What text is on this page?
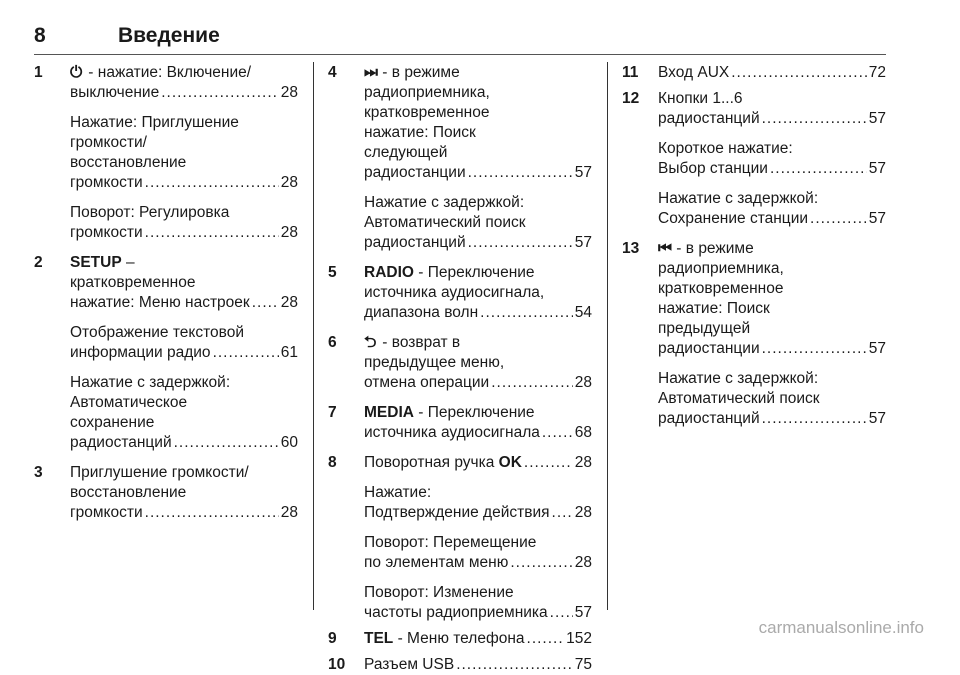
8	Введение
1 ⏻ - нажатие: Включение/
выключение .....	28
Нажатие: Приглушение
громкости/
восстановление
громкости .....	28
Поворот: Регулировка
громкости .....	28
2 SETUP –
кратковременное
нажатие: Меню настроек ..... 28
Отображение текстовой
информации радио .....	61
Нажатие с задержкой:
Автоматическое
сохранение
радиостанций .....	60
3 Приглушение громкости/
восстановление
громкости .....	28
4 ⏭ - в режиме
радиоприемника,
кратковременное
нажатие: Поиск
следующей
радиостанции .....	57
Нажатие с задержкой:
Автоматический поиск
радиостанций .....	57
5 RADIO - Переключение
источника аудиосигнала,
диапазона волн .....	54
6 ⮌ - возврат в
предыдущее меню,
отмена операции .....	28
7 MEDIA - Переключение
источника аудиосигнала ..... 68
8 Поворотная ручка OK .....	28
Нажатие:
Подтверждение действия ..... 28
Поворот: Перемещение
по элементам меню .....	28
Поворот: Изменение
частоты радиоприемника ..... 57
9 TEL - Меню телефона .....	152
10 Разъем USB .....	75
11 Вход AUX .....	72
12 Кнопки 1...6
радиостанций .....	57
Короткое нажатие:
Выбор станции .....	57
Нажатие с задержкой:
Сохранение станции .....	57
13 ⏮ - в режиме
радиоприемника,
кратковременное
нажатие: Поиск
предыдущей
радиостанции .....	57
Нажатие с задержкой:
Автоматический поиск
радиостанций .....	57
carmanualsonline.info
